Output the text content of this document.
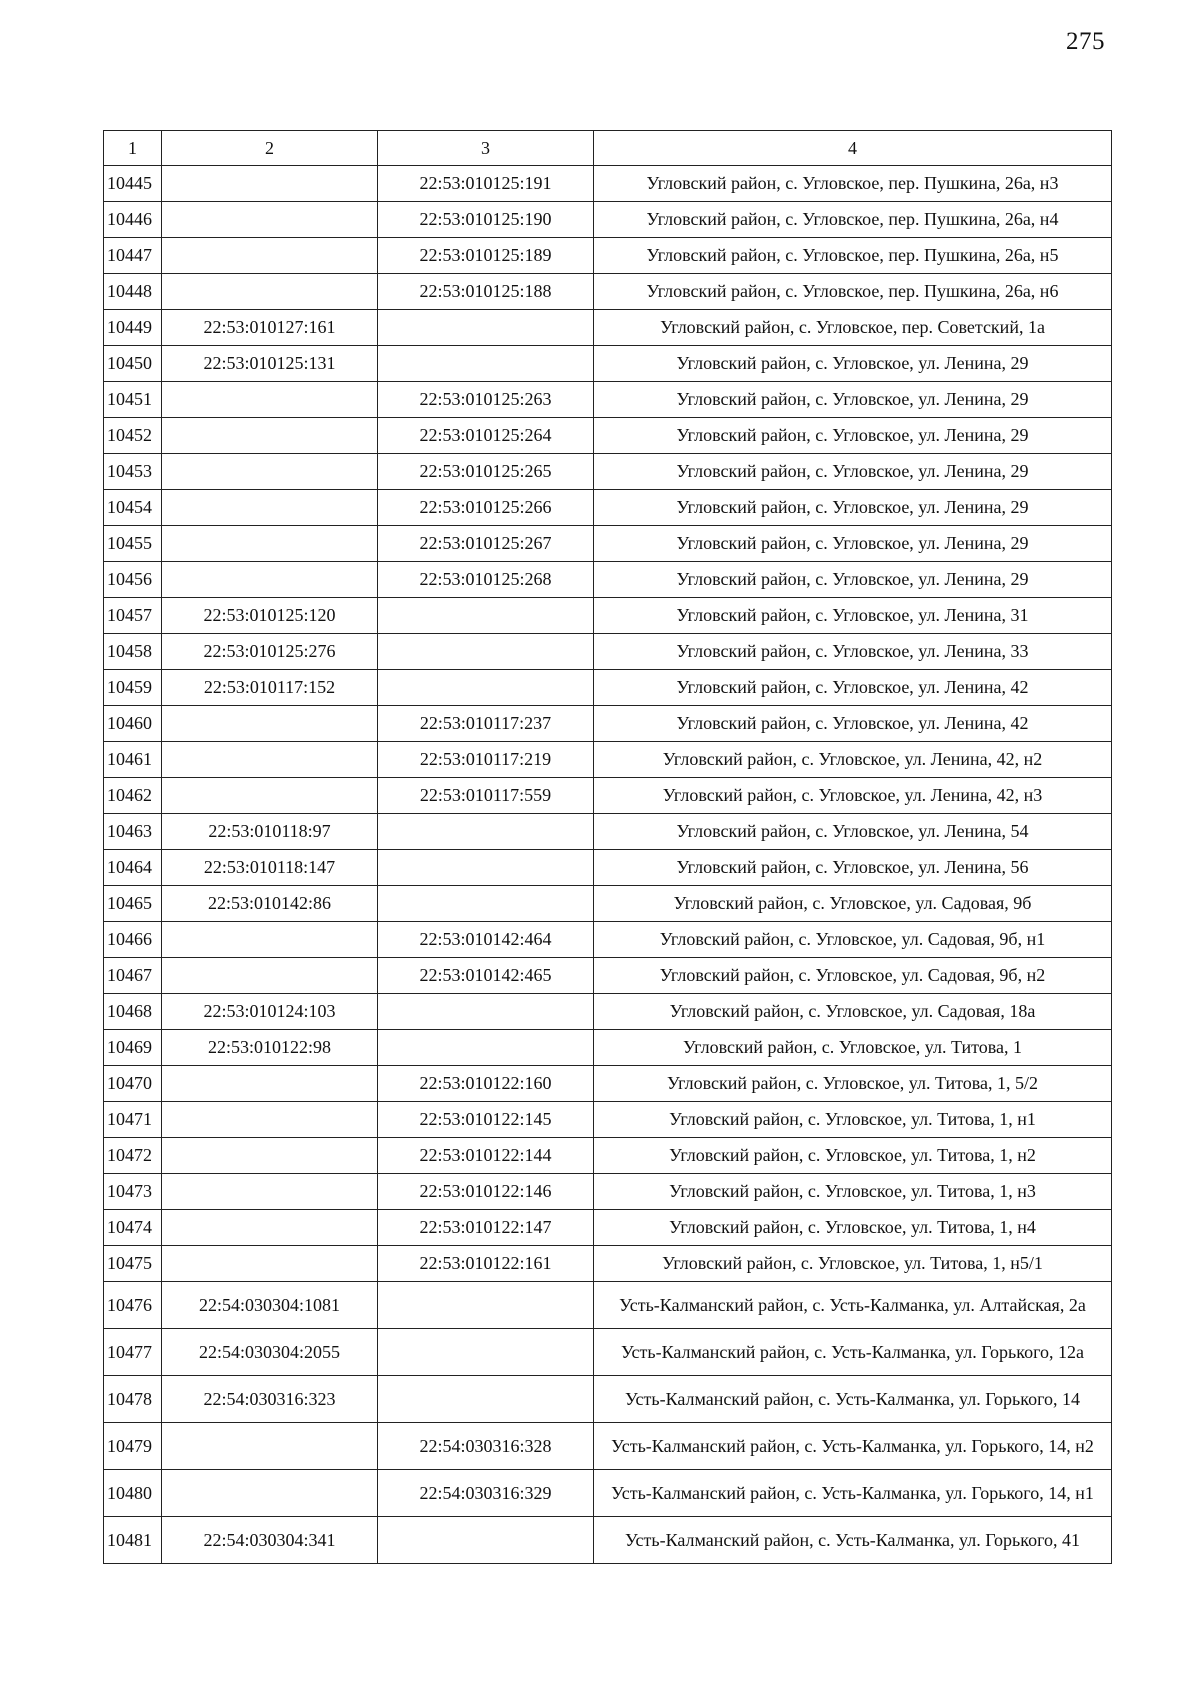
275
1	2	3	4
10445		22:53:010125:191	Угловский район, с. Угловское, пер. Пушкина, 26а, н3
10446		22:53:010125:190	Угловский район, с. Угловское, пер. Пушкина, 26а, н4
10447		22:53:010125:189	Угловский район, с. Угловское, пер. Пушкина, 26а, н5
10448		22:53:010125:188	Угловский район, с. Угловское, пер. Пушкина, 26а, н6
10449	22:53:010127:161		Угловский район, с. Угловское, пер. Советский, 1а
10450	22:53:010125:131		Угловский район, с. Угловское, ул. Ленина, 29
10451		22:53:010125:263	Угловский район, с. Угловское, ул. Ленина, 29
10452		22:53:010125:264	Угловский район, с. Угловское, ул. Ленина, 29
10453		22:53:010125:265	Угловский район, с. Угловское, ул. Ленина, 29
10454		22:53:010125:266	Угловский район, с. Угловское, ул. Ленина, 29
10455		22:53:010125:267	Угловский район, с. Угловское, ул. Ленина, 29
10456		22:53:010125:268	Угловский район, с. Угловское, ул. Ленина, 29
10457	22:53:010125:120		Угловский район, с. Угловское, ул. Ленина, 31
10458	22:53:010125:276		Угловский район, с. Угловское, ул. Ленина, 33
10459	22:53:010117:152		Угловский район, с. Угловское, ул. Ленина, 42
10460		22:53:010117:237	Угловский район, с. Угловское, ул. Ленина, 42
10461		22:53:010117:219	Угловский район, с. Угловское, ул. Ленина, 42, н2
10462		22:53:010117:559	Угловский район, с. Угловское, ул. Ленина, 42, н3
10463	22:53:010118:97		Угловский район, с. Угловское, ул. Ленина, 54
10464	22:53:010118:147		Угловский район, с. Угловское, ул. Ленина, 56
10465	22:53:010142:86		Угловский район, с. Угловское, ул. Садовая, 9б
10466		22:53:010142:464	Угловский район, с. Угловское, ул. Садовая, 9б, н1
10467		22:53:010142:465	Угловский район, с. Угловское, ул. Садовая, 9б, н2
10468	22:53:010124:103		Угловский район, с. Угловское, ул. Садовая, 18а
10469	22:53:010122:98		Угловский район, с. Угловское, ул. Титова, 1
10470		22:53:010122:160	Угловский район, с. Угловское, ул. Титова, 1, 5/2
10471		22:53:010122:145	Угловский район, с. Угловское, ул. Титова, 1, н1
10472		22:53:010122:144	Угловский район, с. Угловское, ул. Титова, 1, н2
10473		22:53:010122:146	Угловский район, с. Угловское, ул. Титова, 1, н3
10474		22:53:010122:147	Угловский район, с. Угловское, ул. Титова, 1, н4
10475		22:53:010122:161	Угловский район, с. Угловское, ул. Титова, 1, н5/1
10476	22:54:030304:1081		Усть-Калманский район, с. Усть-Калманка, ул. Алтайская, 2а
10477	22:54:030304:2055		Усть-Калманский район, с. Усть-Калманка, ул. Горького, 12а
10478	22:54:030316:323		Усть-Калманский район, с. Усть-Калманка, ул. Горького, 14
10479		22:54:030316:328	Усть-Калманский район, с. Усть-Калманка, ул. Горького, 14, н2
10480		22:54:030316:329	Усть-Калманский район, с. Усть-Калманка, ул. Горького, 14, н1
10481	22:54:030304:341		Усть-Калманский район, с. Усть-Калманка, ул. Горького, 41
